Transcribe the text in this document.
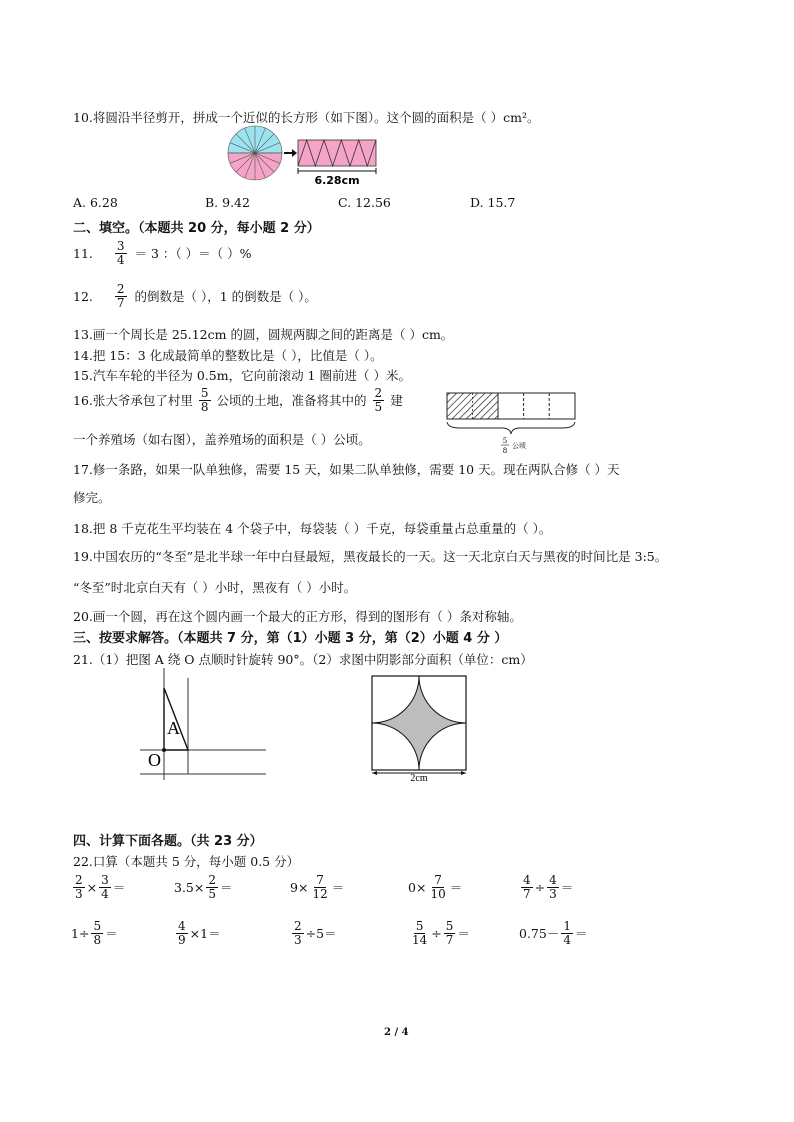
10.将圆沿半径剪开，拼成一个近似的长方形（如下图）。这个圆的面积是（ ）cm²。
6.28cm
A. 6.28	B. 9.42	C. 12.56	D. 15.7
二、填空。（本题共 20 分，每小题 2 分）
11. $\frac{3}{4} = 3$ ：（ ）＝（ ）%
12. $\frac{2}{7}$ 的倒数是（ ），1 的倒数是（ ）。
13.画一个周长是 25.12cm 的圆，圆规两脚之间的距离是（ ）cm。
14.把 15：3 化成最简单的整数比是（ ），比值是（ ）。
15.汽车车轮的半径为 0.5m，它向前滚动 1 圈前进（ ）米。
16.张大爷承包了村里 $\frac{5}{8}$ 公顷的土地，准备将其中的 $\frac{2}{5}$ 建
一个养殖场（如右图），盖养殖场的面积是（ ）公顷。	5
8
公顷
17.修一条路，如果一队单独修，需要 15 天，如果二队单独修，需要 10 天。现在两队合修（ ）天
修完。
18.把 8 千克花生平均装在 4 个袋子中，每袋装（ ）千克，每袋重量占总重量的（ ）。
19.中国农历的“冬至”是北半球一年中白昼最短，黑夜最长的一天。这一天北京白天与黑夜的时间比是 3:5。
“冬至”时北京白天有（ ）小时，黑夜有（ ）小时。
20.画一个圆，再在这个圆内画一个最大的正方形，得到的图形有（ ）条对称轴。
三、按要求解答。（本题共 7 分，第（1）小题 3 分，第（2）小题 4 分 ）
21.（1）把图 A 绕 O 点顺时针旋转 90°。（2）求图中阴影部分面积（单位：cm）
A
O
2cm
四、计算下面各题。（共 23 分）
22.口算（本题共 5 分，每小题 0.5 分）
$\frac{2}{3} \times \frac{3}{4}$ ＝	$3.5 \times \frac{2}{5}$ ＝	$9 \times \frac{7}{12}$ ＝	$0 \times \frac{7}{10}$ ＝	$\frac{4}{7} \div \frac{4}{3}$ ＝
$1 \div \frac{5}{8}$ ＝	$\frac{4}{9} \times 1$ ＝	$\frac{2}{3} \div 5$ ＝	$\frac{5}{14} \div \frac{5}{7}$ ＝	$0.75 - \frac{1}{4}$ ＝
2 / 4
